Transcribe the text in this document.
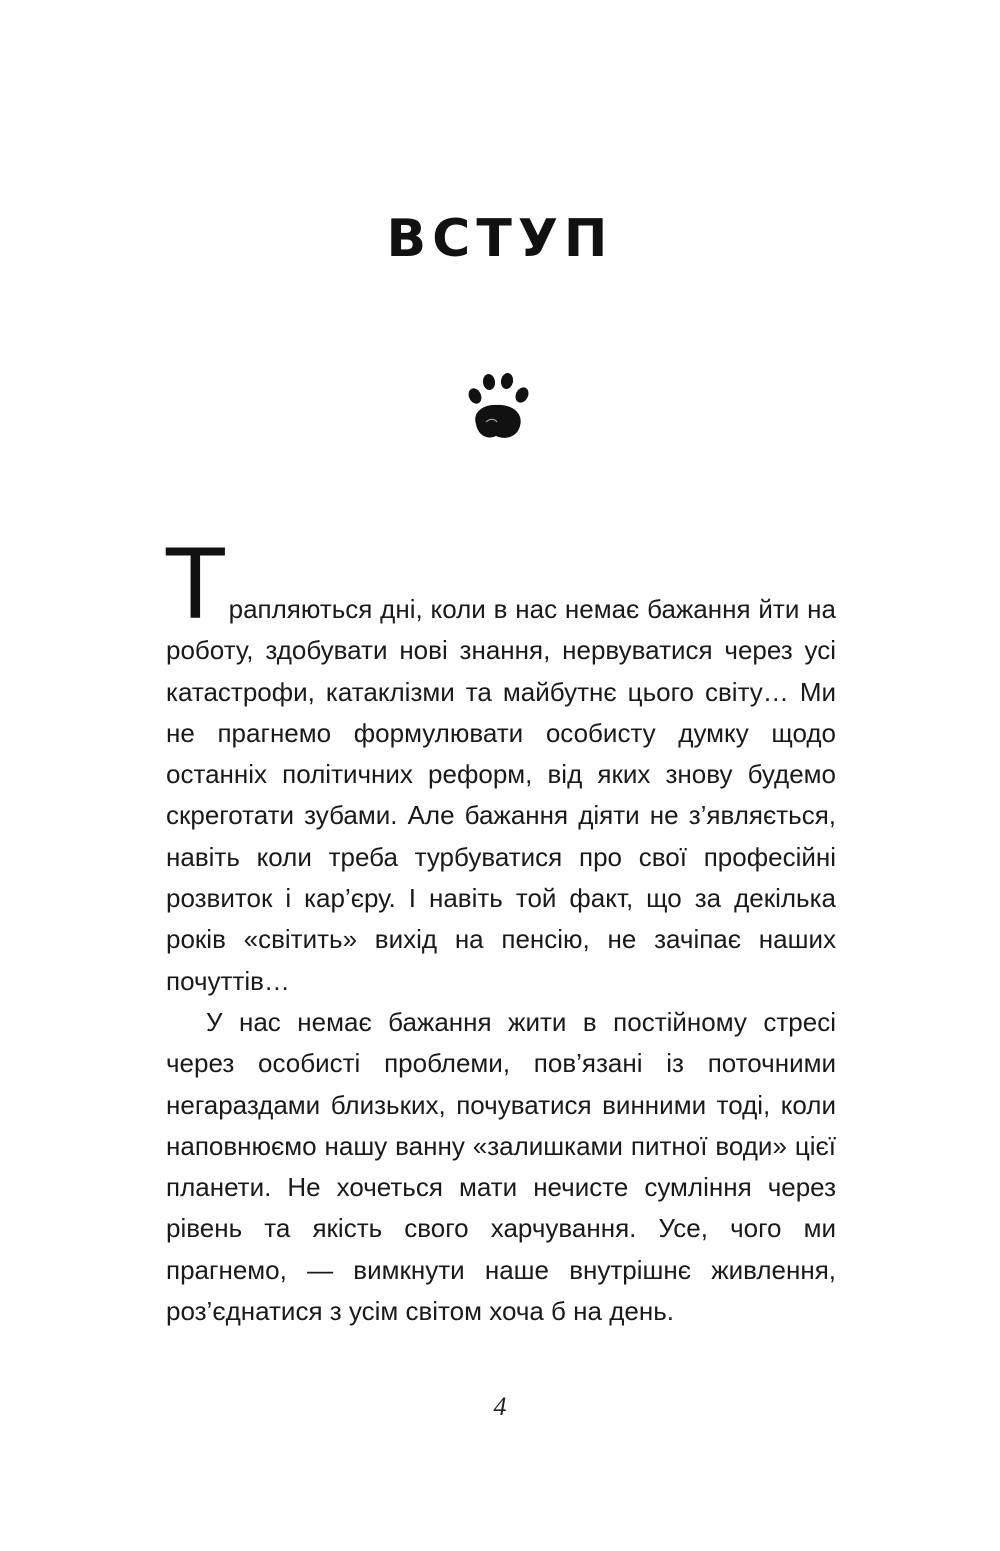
ВСТУП

Т рапляються дні, коли в нас немає бажання йти на роботу, здобувати нові знання, нервуватися через усі катастрофи, катаклізми та майбутнє цього світу… Ми не прагнемо формулювати особисту думку щодо останніх політичних реформ, від яких знову будемо скреготати зубами. Але бажання діяти не з’являється, навіть коли треба турбуватися про свої професійні розвиток і кар’єру. І навіть той факт, що за декілька років «світить» вихід на пенсію, не зачіпає наших почуттів…

У нас немає бажання жити в постійному стресі через особисті проблеми, пов’язані із поточними негараздами близьких, почуватися винними тоді, коли наповнюємо нашу ванну «залишками питної води» цієї планети. Не хочеться мати нечисте сумління через рівень та якість свого харчування. Усе, чого ми прагнемо, — вимкнути наше внутрішнє живлення, роз’єднатися з усім світом хоча б на день.

4
